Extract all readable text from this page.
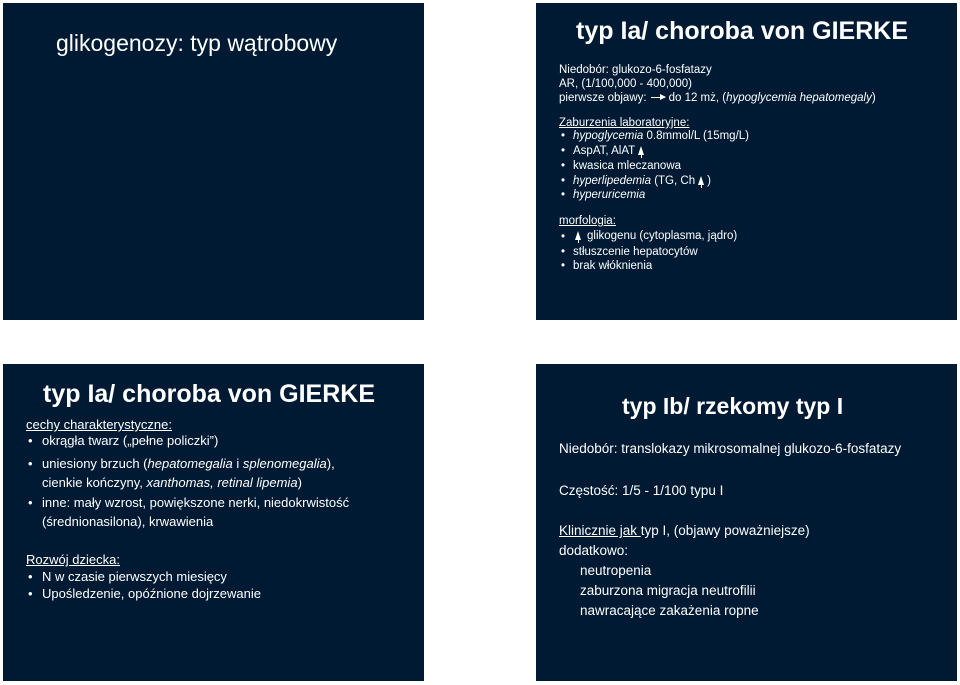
glikogenozy: typ wątrobowy	typ Ia/ choroba von GIERKE
Niedobór: glukozo-6-fosfatazy
AR, (1/100,000 - 400,000)
pierwsze objawy: do 12 mż, (hypoglycemia hepatomegaly)
Zaburzenia laboratoryjne:
• hypoglycemia 0.8mmol/L (15mg/L)
• AspAT, AlAT
• kwasica mleczanowa
• hyperlipedemia (TG, Ch )
• hyperuricemia
morfologia:
•	glikogenu (cytoplasma, jądro)
• stłuszcenie hepatocytów
• brak włóknienia
typ Ia/ choroba von GIERKE
cechy charakterystyczne:
• okrągła twarz („pełne policzki”)
• uniesiony brzuch (hepatomegalia i splenomegalia),
cienkie kończyny, xanthomas, retinal lipemia)
• inne: mały wzrost, powiększone nerki, niedokrwistość
(średnionasilona), krwawienia
Rozwój dziecka:
• N w czasie pierwszych miesięcy
• Upośledzenie, opóźnione dojrzewanie
typ Ib/ rzekomy typ I
Niedobór: translokazy mikrosomalnej glukozo-6-fosfatazy
Częstość: 1/5 - 1/100 typu I
Klinicznie jak typ I, (objawy poważniejsze)
dodatkowo:
neutropenia
zaburzona migracja neutrofilii
nawracające zakażenia ropne
